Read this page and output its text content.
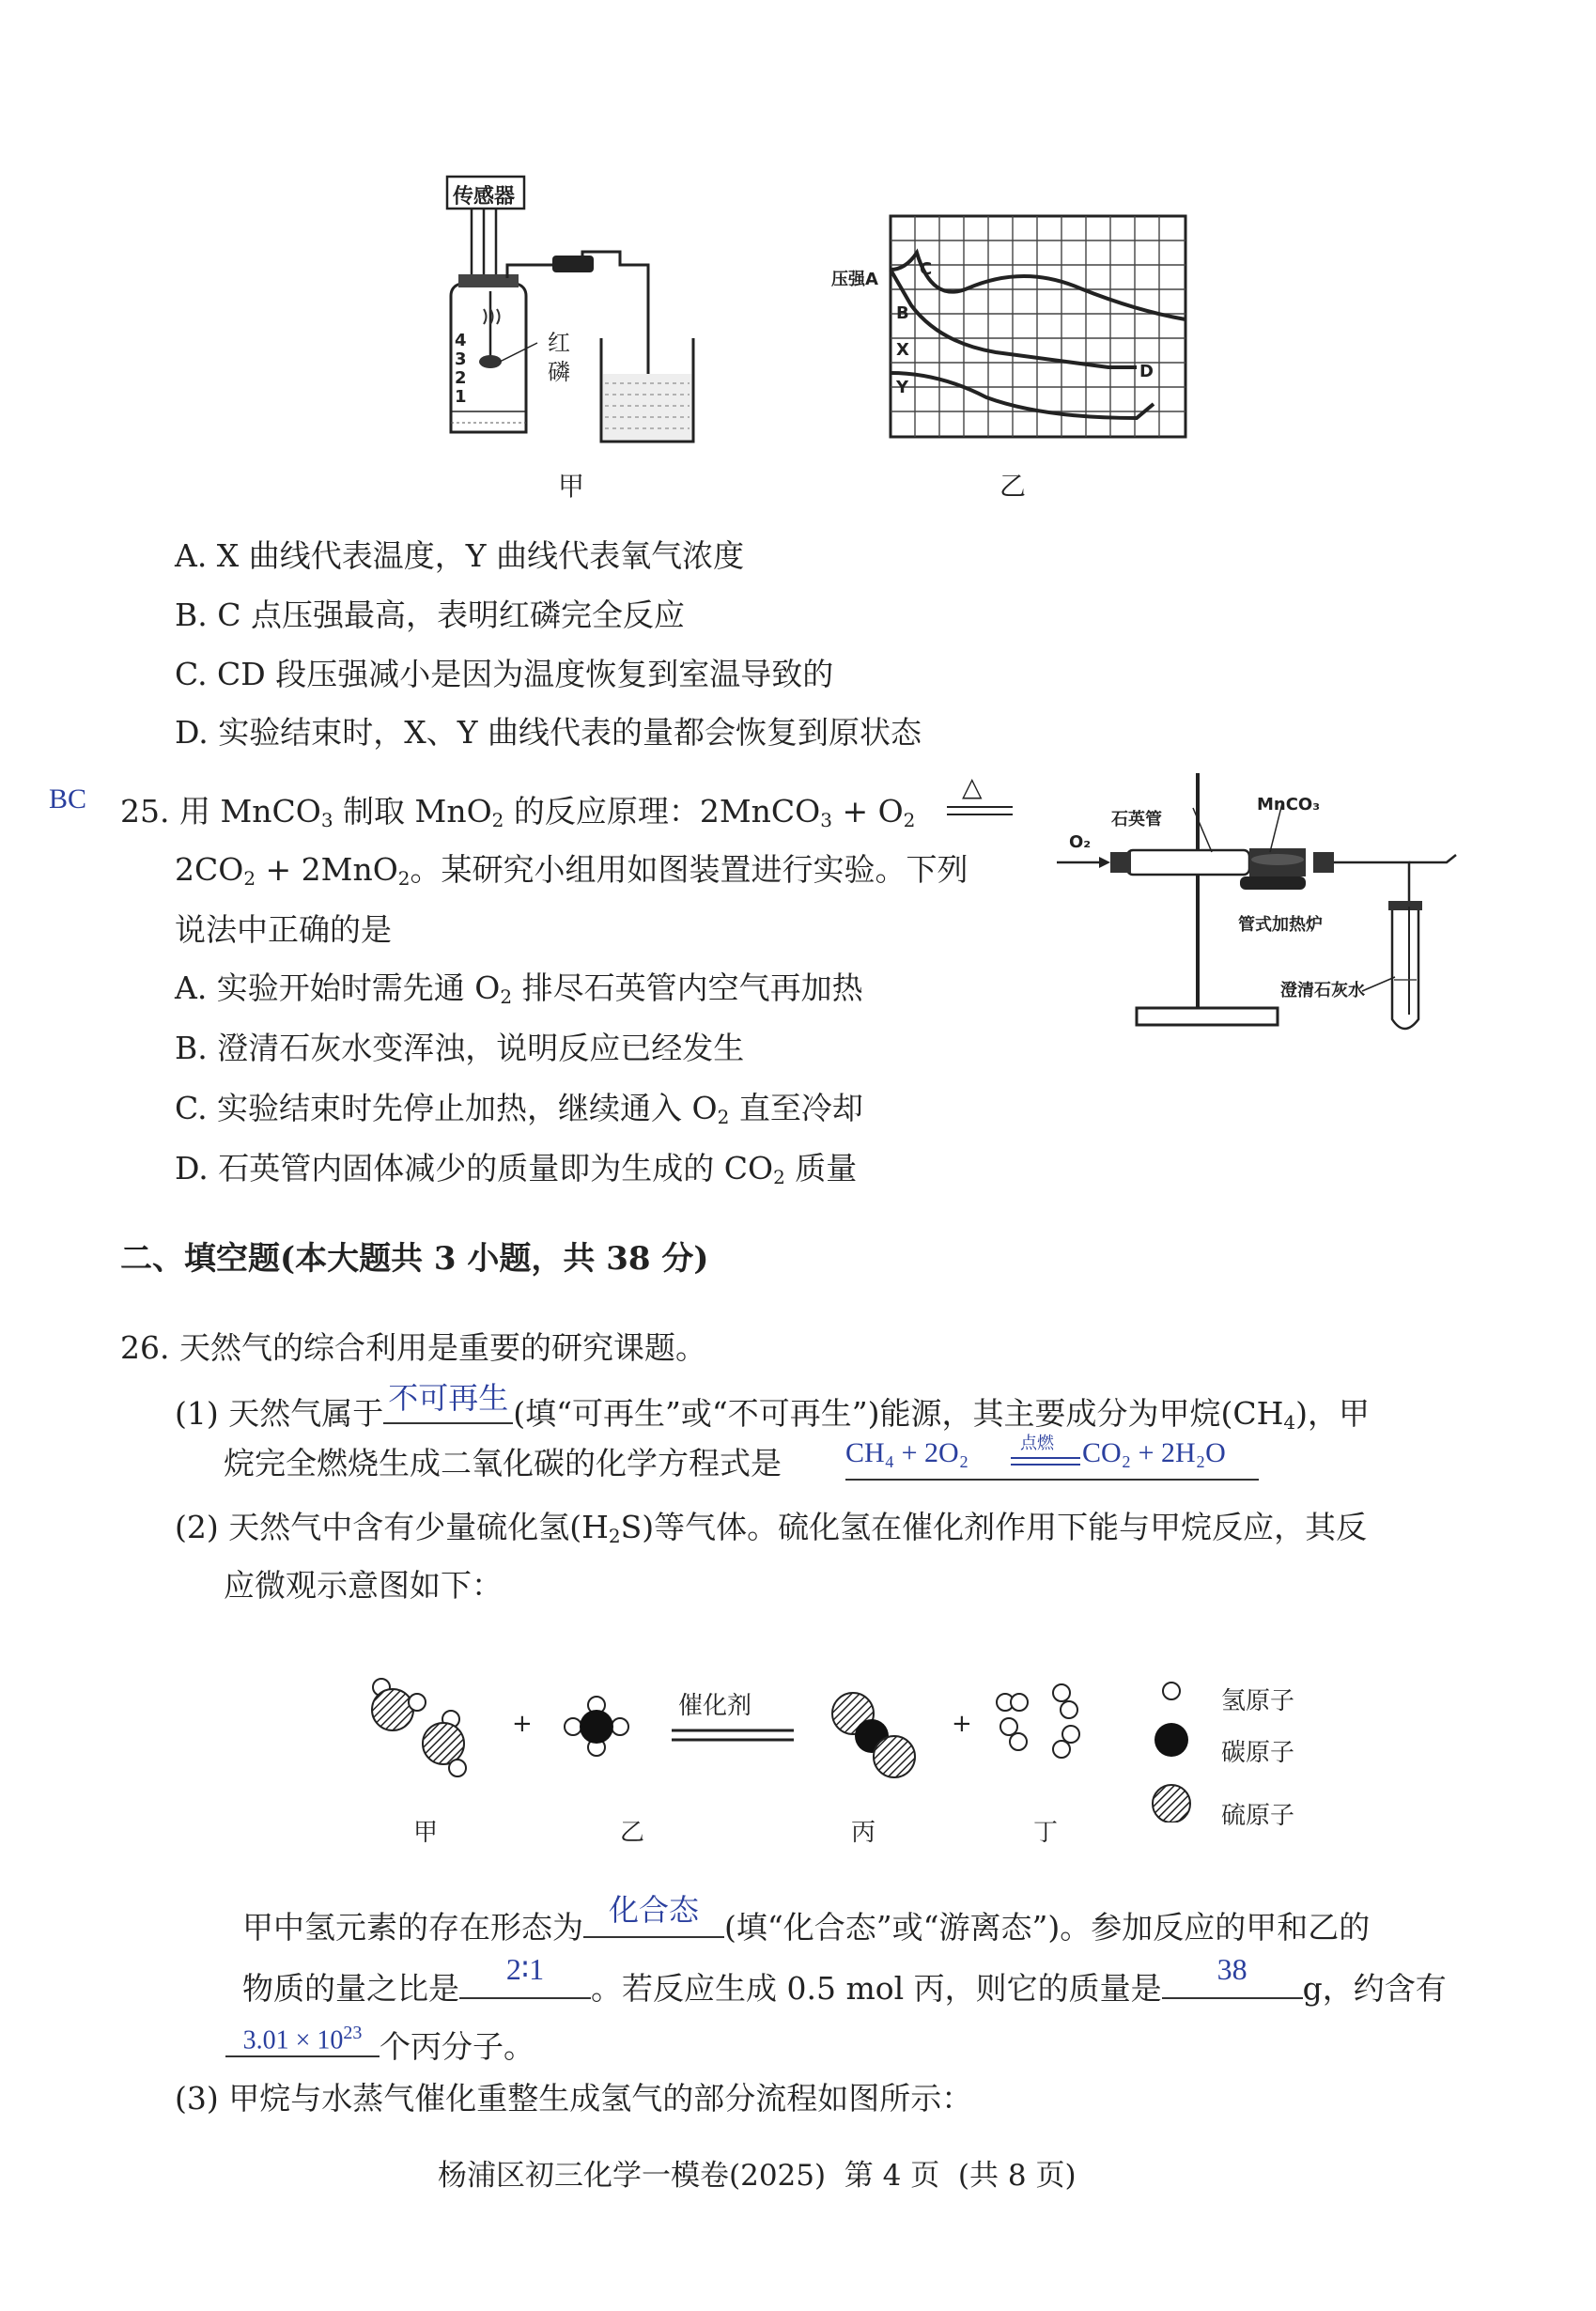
传感器
红
磷
4
3
2
1
甲
压强A
B
X
Y
C
D
乙
A. X 曲线代表温度，Y 曲线代表氧气浓度
B. C 点压强最高，表明红磷完全反应
C. CD 段压强减小是因为温度恢复到室温导致的
D. 实验结束时，X、Y 曲线代表的量都会恢复到原状态
BC 25. 用 MnCO$_3$ 制取 MnO$_2$ 的反应原理：2MnCO$_3$ + $O_2$
△
$2CO_2 + 2MnO_2$。某研究小组用如图装置进行实验。下列
说法中正确的是
A. 实验开始时需先通 $O_2$ 排尽石英管内空气再加热
B. 澄清石灰水变浑浊，说明反应已经发生
C. 实验结束时先停止加热，继续通入 $O_2$ 直至冷却
D. 石英管内固体减少的质量即为生成的 $CO_2$ 质量
石英管
MnCO₃
O₂
管式加热炉
澄清石灰水
二、填空题(本大题共 3 小题，共 38 分)
26. 天然气的综合利用是重要的研究课题。
(1) 天然气属于 不可再生 (填“可再生”或“不可再生”)能源，其主要成分为甲烷$(CH_4)$，甲
烷完全燃烧生成二氧化碳的化学方程式是 CH₄ + 2O₂	点燃 CO₂ + 2H₂O
(2) 天然气中含有少量硫化氢$(H_2S)$等气体。硫化氢在催化剂作用下能与甲烷反应，其反
应微观示意图如下：
+	+
催化剂
甲	乙	丙	丁
氢原子
碳原子
硫原子
甲中氢元素的存在形态为 化合态 (填“化合态”或“游离态”)。参加反应的甲和乙的
物质的量之比是
2∶1
。若反应生成 0.5 mol 丙，则它的质量是
38
g，约含有
$3.01 \times 10^{23}$ 个丙分子。
(3) 甲烷与水蒸气催化重整生成氢气的部分流程如图所示：
杨浦区初三化学一模卷(2025)  第 4 页  (共 8 页)
